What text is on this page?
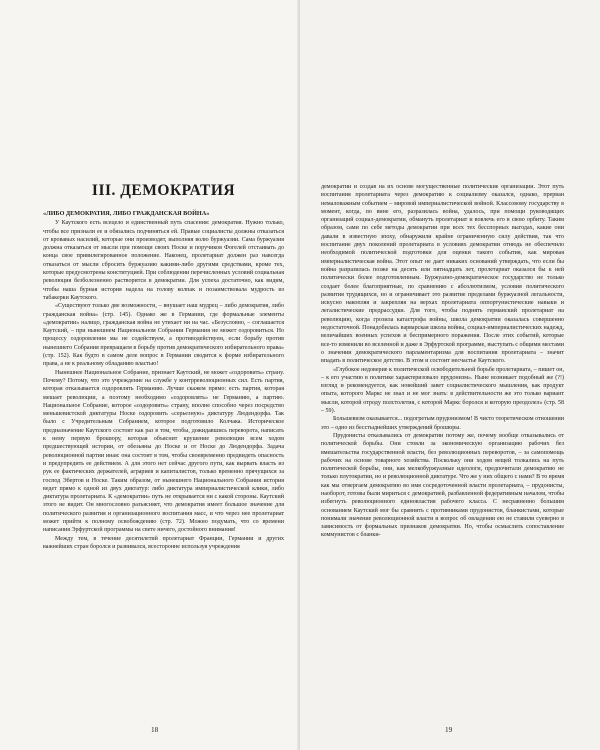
III. ДЕМОКРАТИЯ
«ЛИБО ДЕМОКРАТИЯ, ЛИБО ГРАЖДАНСКАЯ ВОЙНА»

У Каутского есть всецело и единственный путь спасения: демократия. Нужно только, чтобы все признали ее и обязались подчиняться ей. Правые социалисты должны отказаться от кровавых насилий, которые они производят, выполняя волю буржуазии. Сама буржуазия должна отказаться от мысли при помощи своих Носке и поручиков Фогелей отстаивать до конца свое привилегированное положение. Наконец, пролетариат должен раз навсегда отказаться от мысли сбросить буржуазию какими-либо другими средствами, кроме тех, которые предусмотрены конституцией. При соблюдении перечисленных условий социальная революция безболезненно растворится в демократии. Для успеха достаточно, как видим, чтобы наша бурная история надела на голову колпак и позаимствовала мудрость из табакерки Каутского.

«Существуют только две возможности, – внушает наш мудрец – либо демократия, либо гражданская война» (стр. 145). Однако же в Германии, где формальные элементы «демократии» налицо, гражданская война не утихает ни на час. «Безусловно, – соглашается Каутский, – при нынешнем Национальном Собрании Германия не может оздоровиться. Но процессу оздоровления мы не содействуем, а противодействуем, если борьбу против нынешнего Собрания превращаем в борьбу против демократического избирательного права» (стр. 152). Как будто в самом деле вопрос в Германии сводится к форме избирательного права, а не к реальному обладанию властью!

Нынешнее Национальное Собрание, признает Каутский, не может «оздоровить» страну. Почему? Потому, что это учреждение на службе у контрреволюционных сил. Есть партия, которая отказывается оздоровлять Германию. Лучше скажем прямо: есть партия, которая мешает революции, а поэтому необходимо «оздоровлять» не Германию, а партию. Национальное Собрание, которое «оздоровить» страну, вполне способно через посредство меньшевистской диктатуры Носке оздоровить «серьезную» диктатуру Людендорфа. Так было с Учредительным Собранием, которое подготовило Колчака. Историческое предназначение Каутского состоит как раз в том, чтобы, дожидавшись переворота, написать к нему первую брошюру, которая объяснит крушение революции всем ходом предшествующей истории, от обезьяны до Носке и от Носке до Людендорфа. Задача революционной партии иная: она состоит в том, чтобы своевременно предвидеть опасность и предупредить ее действием. А для этого нет сейчас другого пути, как вырвать власть из рук ее фактических держателей, аграриев и капиталистов, только временно прячущихся за господ Эбертов и Носке. Таким образом, от нынешнего Национального Собрания история ведет прямо к одной из двух диктатур: либо диктатура империалистической клики, либо диктатура пролетариата. К «демократии» путь не открывается ни с какой стороны. Каутский этого не видит. Он многословно разъясняет, что демократия имеет большое значение для политического развития и организационного воспитания масс, и что через нее пролетариат может прийти к полному освобождению (стр. 72). Можно подумать, что со времени написания Эрфуртской программы на свете ничего, достойного внимания!

Между тем, в течение десятилетий пролетариат Франции, Германии и других важнейших стран боролся и развивался, всесторонне используя учреждения

18

демократии и создав на их основе могущественные политические организации. Этот путь воспитания пролетариата через демократию к социализму оказался, однако, прерван немаловажным событием – мировой империалистической войной. Классовому государству в момент, когда, по вине его, разразилась война, удалось, при помощи руководящих организаций социал-демократии, обмануть пролетариат и вовлечь его в свою орбиту. Таким образом, сами по себе методы демократии при всех тех бесспорных выгодах, какие они давали в известную эпоху, обнаружили крайне ограниченную силу действия, так что воспитание двух поколений пролетариата в условиях демократии отнюдь не обеспечило необходимой политической подготовки для оценки такого события, как мировая империалистическая война. Этот опыт не дает никаких оснований утверждать, что если бы война разразилась позже на десять или пятнадцать лет, пролетариат оказался бы к ней политически более подготовленным. Буржуазно-демократическое государство не только создает более благоприятные, по сравнению с абсолютизмом, условия политического развития трудящихся, но и ограничивает это развитие пределами буржуазной легальности, искусно накопляя и закрепляя на верхах пролетариата оппортунистические навыки и легалистические предрассудки. Для того, чтобы поднять германский пролетариат на революцию, когда грозила катастрофа войны, школа демократии оказалась совершенно недостаточной. Понадобилась варварская школа войны, социал-империалистических надежд, величайших военных успехов и беспримерного поражения. После этих событий, которые все-то изменили во вселенной и даже в Эрфуртской программе, выступать с общими местами о значении демократического парламентаризма для воспитания пролетариата – значит впадать в политическое детство. В этом и состоит несчастье Каутского.

«Глубокое недоверие к политической освободительной борьбе пролетариата, – пишет он, – к его участию в политике характеризовало прудонизм». Ныне возникает подобный же (?!) взгляд и рекомендуется, как новейший завет социалистического мышления, как продукт опыта, которого Маркс не знал и не мог знать: в действительности же это только вариант мысли, которой отроду полстолетия, с которой Маркс боролся и которую преодолел» (стр. 58 – 59).

Большевизм оказывается... подогретым прудонизмом! В чисто теоретическом отношении это – одно из бесстыднейших утверждений брошюры.

Прудонисты отказывались от демократии потому же, почему вообще отказывались от политической борьбы. Они стояли за экономическую организацию рабочих без вмешательства государственной власти, без революционных переворотов, – за самопомощь рабочих на основе товарного хозяйства. Поскольку они ходом вещей толкались на путь политической борьбы, они, как мелкобуржуазные идеологи, предпочитали демократию не только плутократии, но и революционной диктатуре. Что же у них общего с нами? В то время как мы отвергаем демократию во имя сосредоточенной власти пролетариата, – прудонисты, наоборот, готовы были мириться с демократией, разбавленной федеративным началом, чтобы избегнуть революционного единовластия рабочего класса. С несравненно большим основанием Каутский мог бы сравнить с противниками прудонистов, бланкистами, которые понимали значение революционной власти и вопрос об овладении ею не ставили суеверно в зависимость от формальных признаков демократии. Но, чтобы осмыслить сопоставление коммунистов с бланки-

19
